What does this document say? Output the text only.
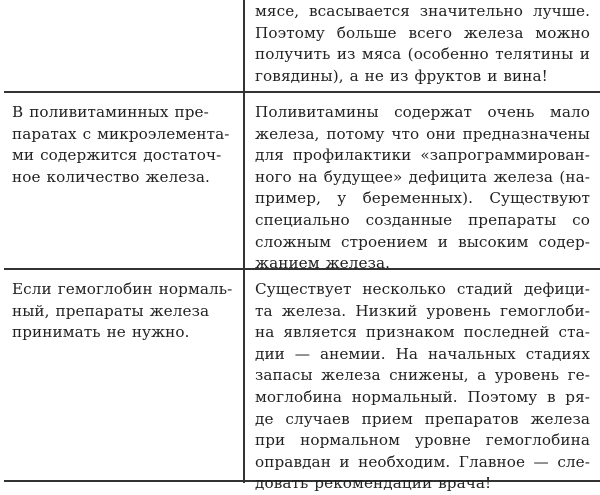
мясе, всасывается значительно лучше.
Поэтому больше всего железа можно
получить из мяса (особенно телятины и
говядины), а не из фруктов и вина!
В поливитаминных пре-
паратах с микроэлемента-
ми содержится достаточ-
ное количество железа.
Поливитамины содержат очень мало
железа, потому что они предназначены
для профилактики «запрограммирован-
ного на будущее» дефицита железа (на-
пример, у беременных). Существуют
специально созданные препараты со
сложным строением и высоким содер-
жанием железа.
Если гемоглобин нормаль-
ный, препараты железа
принимать не нужно.
Существует несколько стадий дефици-
та железа. Низкий уровень гемоглоби-
на является признаком последней ста-
дии — анемии. На начальных стадиях
запасы железа снижены, а уровень ге-
моглобина нормальный. Поэтому в ря-
де случаев прием препаратов железа
при нормальном уровне гемоглобина
оправдан и необходим. Главное — сле-
довать рекомендации врача!
